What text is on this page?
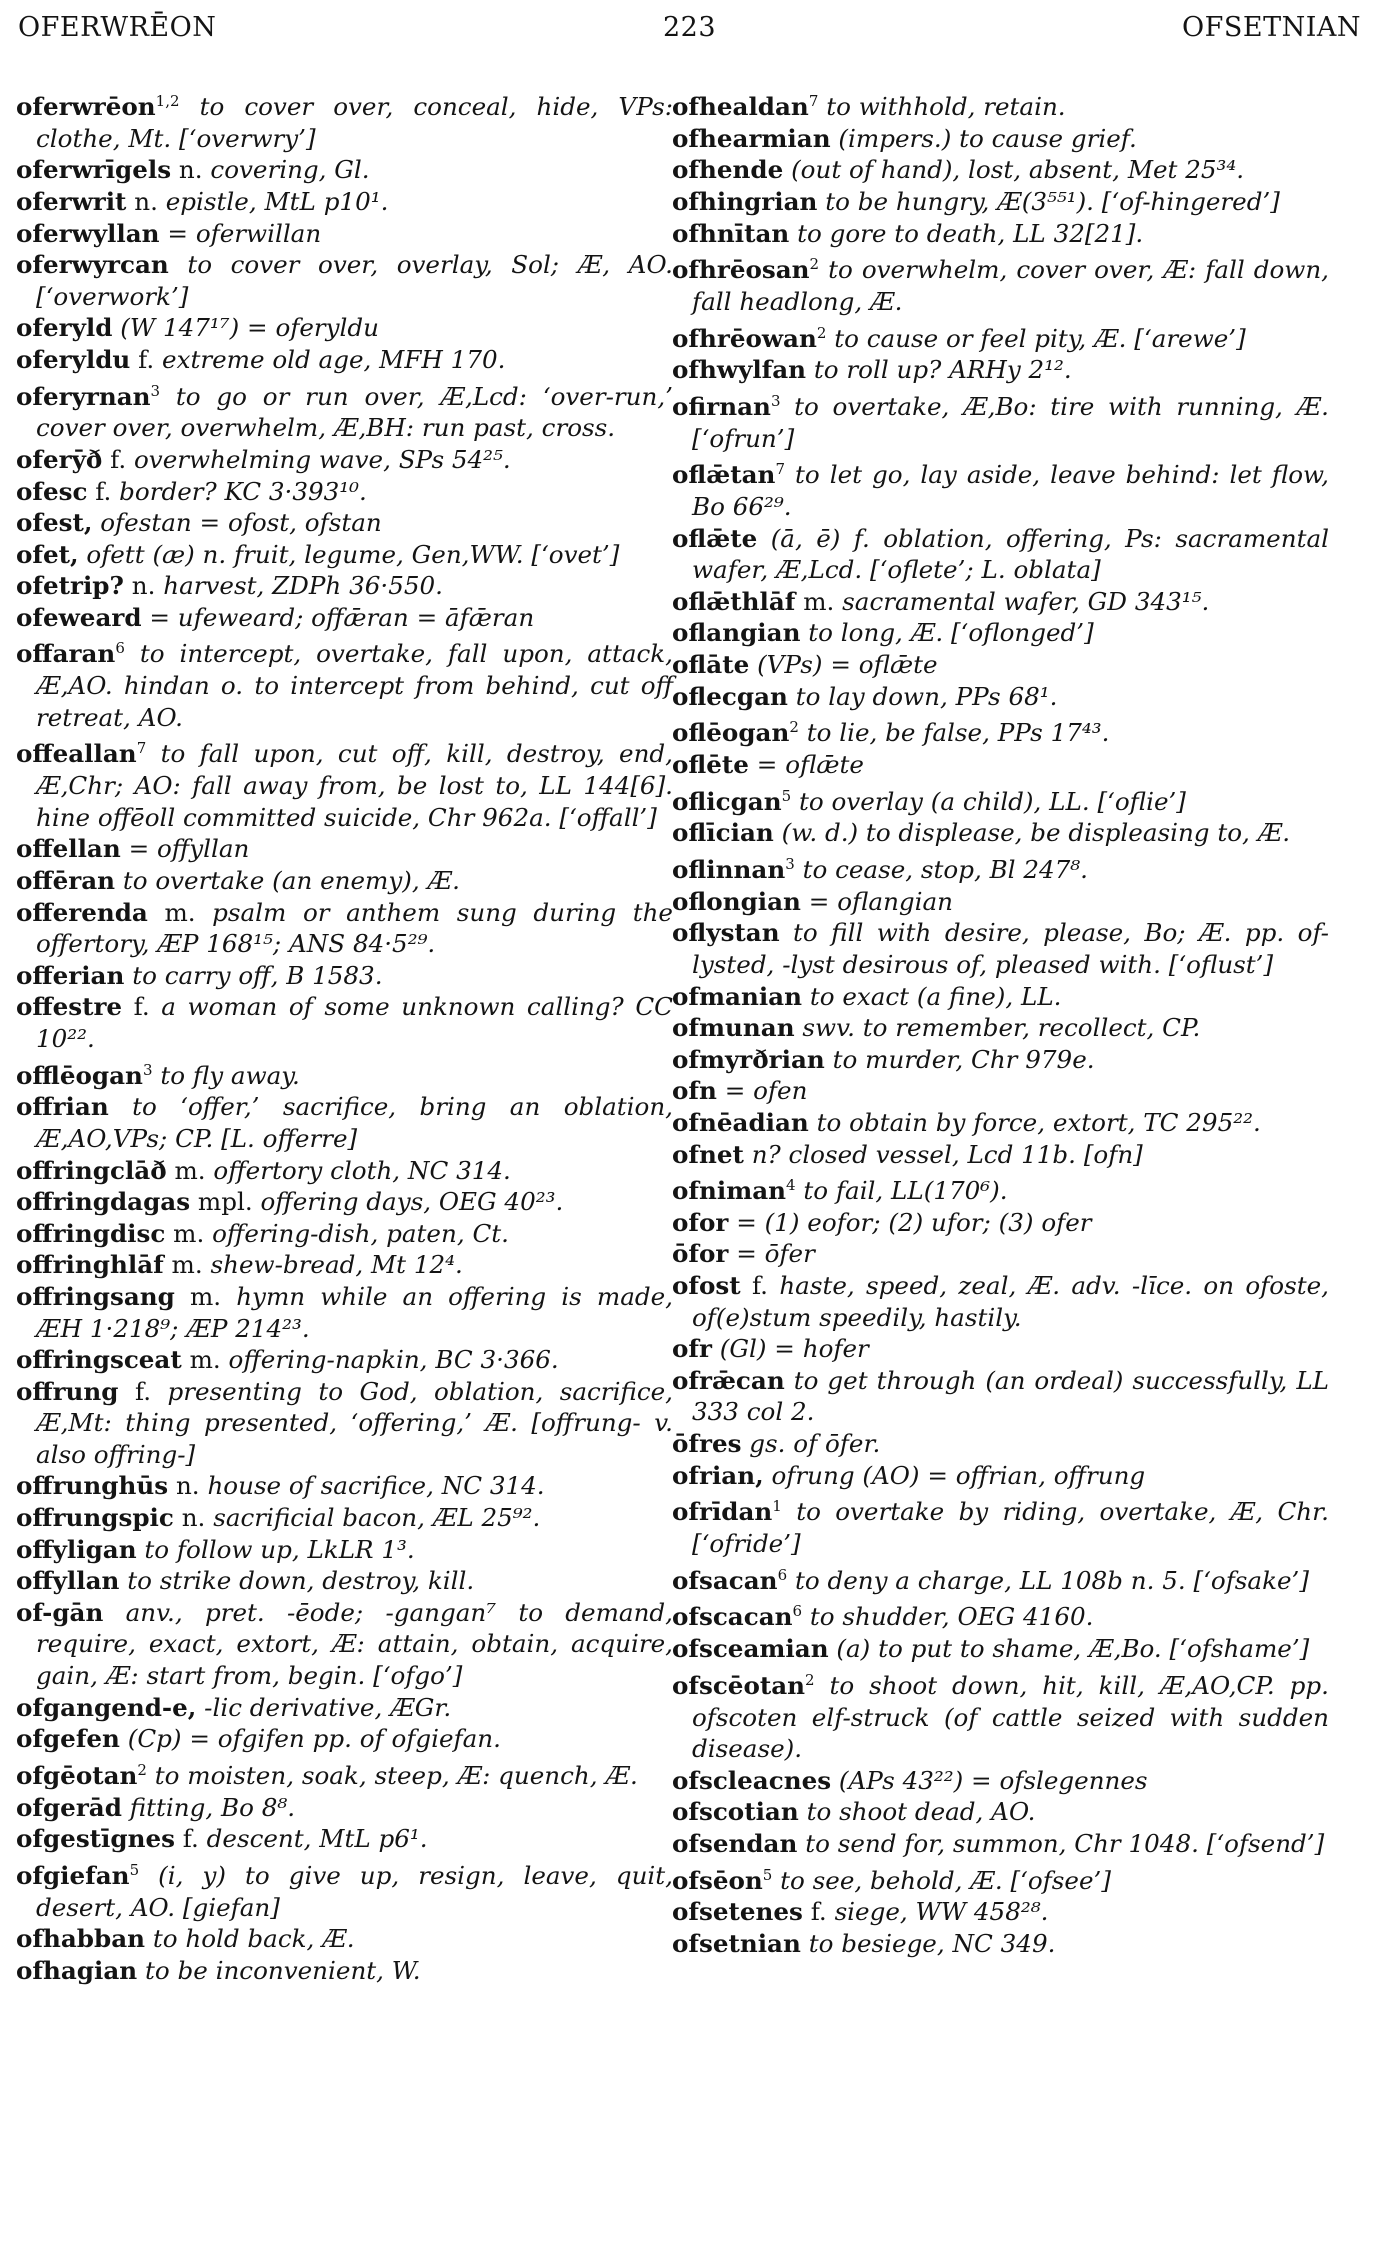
OFERWRĒON	223	OFSETNIAN

oferwrēon$^{1,2}$ to cover over, conceal, hide, VPs: clothe, Mt. [‘overwry’]

oferwrīgels n. covering, Gl.

oferwrit n. epistle, MtL p10¹.

oferwyllan = oferwillan

oferwyrcan to cover over, overlay, Sol; Æ, AO. [‘overwork’]

oferyld (W 147¹⁷) = oferyldu

oferyldu f. extreme old age, MFH 170.

oferyrnan$^3$ to go or run over, Æ,Lcd: ‘over-run,’ cover over, overwhelm, Æ,BH: run past, cross.

oferȳð f. overwhelming wave, SPs 54²⁵.

ofesc f. border? KC 3·393¹⁰.

ofest, ofestan = ofost, ofstan

ofet, ofett (æ) n. fruit, legume, Gen,WW. [‘ovet’]

ofetrip? n. harvest, ZDPh 36·550.

ofeweard = ufeweard; offǣran = āfǣran

offaran$^6$ to intercept, overtake, fall upon, attack, Æ,AO. hindan o. to intercept from behind, cut off retreat, AO.

offeallan$^7$ to fall upon, cut off, kill, destroy, end, Æ,Chr; AO: fall away from, be lost to, LL 144[6]. hine offēoll committed suicide, Chr 962a. [‘offall’]

offellan = offyllan

offēran to overtake (an enemy), Æ.

offerenda m. psalm or anthem sung during the offertory, ÆP 168¹⁵; ANS 84·5²⁹.

offerian to carry off, B 1583.

offestre f. a woman of some unknown calling? CC 10²².

offlēogan$^3$ to fly away.

offrian to ‘offer,’ sacrifice, bring an oblation, Æ,AO,VPs; CP. [L. offerre]

offringclāð m. offertory cloth, NC 314.

offringdagas mpl. offering days, OEG 40²³.

offringdisc m. offering-dish, paten, Ct.

offringhlāf m. shew-bread, Mt 12⁴.

offringsang m. hymn while an offering is made, ÆH 1·218⁹; ÆP 214²³.

offringsceat m. offering-napkin, BC 3·366.

offrung f. presenting to God, oblation, sacrifice, Æ,Mt: thing presented, ‘offering,’ Æ. [offrung- v. also offring-]

offrunghūs n. house of sacrifice, NC 314.

offrungspic n. sacrificial bacon, ÆL 25⁹².

offyligan to follow up, LkLR 1³.

offyllan to strike down, destroy, kill.

of-gān anv., pret. -ēode; -gangan⁷ to demand, require, exact, extort, Æ: attain, obtain, acquire, gain, Æ: start from, begin. [‘ofgo’]

ofgangend-e, -lic derivative, ÆGr.

ofgefen (Cp) = ofgifen pp. of ofgiefan.

ofgēotan$^2$ to moisten, soak, steep, Æ: quench, Æ.

ofgerād fitting, Bo 8⁸.

ofgestīgnes f. descent, MtL p6¹.

ofgiefan$^5$ (i, y) to give up, resign, leave, quit, desert, AO. [giefan]

ofhabban to hold back, Æ.

ofhagian to be inconvenient, W.

ofhealdan$^7$ to withhold, retain.

ofhearmian (impers.) to cause grief.

ofhende (out of hand), lost, absent, Met 25³⁴.

ofhingrian to be hungry, Æ(3⁵⁵¹). [‘of-hingered’]

ofhnītan to gore to death, LL 32[21].

ofhrēosan$^2$ to overwhelm, cover over, Æ: fall down, fall headlong, Æ.

ofhrēowan$^2$ to cause or feel pity, Æ. [‘arewe’]

ofhwylfan to roll up? ARHy 2¹².

ofirnan$^3$ to overtake, Æ,Bo: tire with running, Æ. [‘ofrun’]

oflǣtan$^7$ to let go, lay aside, leave behind: let flow, Bo 66²⁹.

oflǣte (ā, ē) f. oblation, offering, Ps: sacramental wafer, Æ,Lcd. [‘oflete’; L. oblata]

oflǣthlāf m. sacramental wafer, GD 343¹⁵.

oflangian to long, Æ. [‘oflonged’]

oflāte (VPs) = oflǣte

oflecgan to lay down, PPs 68¹.

oflēogan$^2$ to lie, be false, PPs 17⁴³.

oflēte = oflǣte

oflicgan$^5$ to overlay (a child), LL. [‘oflie’]

oflīcian (w. d.) to displease, be displeasing to, Æ.

oflinnan$^3$ to cease, stop, Bl 247⁸.

oflongian = oflangian

oflystan to fill with desire, please, Bo; Æ. pp. of-lysted, -lyst desirous of, pleased with. [‘oflust’]

ofmanian to exact (a fine), LL.

ofmunan swv. to remember, recollect, CP.

ofmyrðrian to murder, Chr 979e.

ofn = ofen

ofnēadian to obtain by force, extort, TC 295²².

ofnet n? closed vessel, Lcd 11b. [ofn]

ofniman$^4$ to fail, LL(170⁶).

ofor = (1) eofor; (2) ufor; (3) ofer

ōfor = ōfer

ofost f. haste, speed, zeal, Æ. adv. -līce. on ofoste, of(e)stum speedily, hastily.

ofr (Gl) = hofer

ofrǣcan to get through (an ordeal) successfully, LL 333 col 2.

ōfres gs. of ōfer.

ofrian, ofrung (AO) = offrian, offrung

ofrīdan$^1$ to overtake by riding, overtake, Æ, Chr. [‘ofride’]

ofsacan$^6$ to deny a charge, LL 108b n. 5. [‘ofsake’]

ofscacan$^6$ to shudder, OEG 4160.

ofsceamian (a) to put to shame, Æ,Bo. [‘ofshame’]

ofscēotan$^2$ to shoot down, hit, kill, Æ,AO,CP. pp. ofscoten elf-struck (of cattle seized with sudden disease).

ofscleacnes (APs 43²²) = ofslegennes

ofscotian to shoot dead, AO.

ofsendan to send for, summon, Chr 1048. [‘ofsend’]

ofsēon$^5$ to see, behold, Æ. [‘ofsee’]

ofsetenes f. siege, WW 458²⁸.

ofsetnian to besiege, NC 349.
